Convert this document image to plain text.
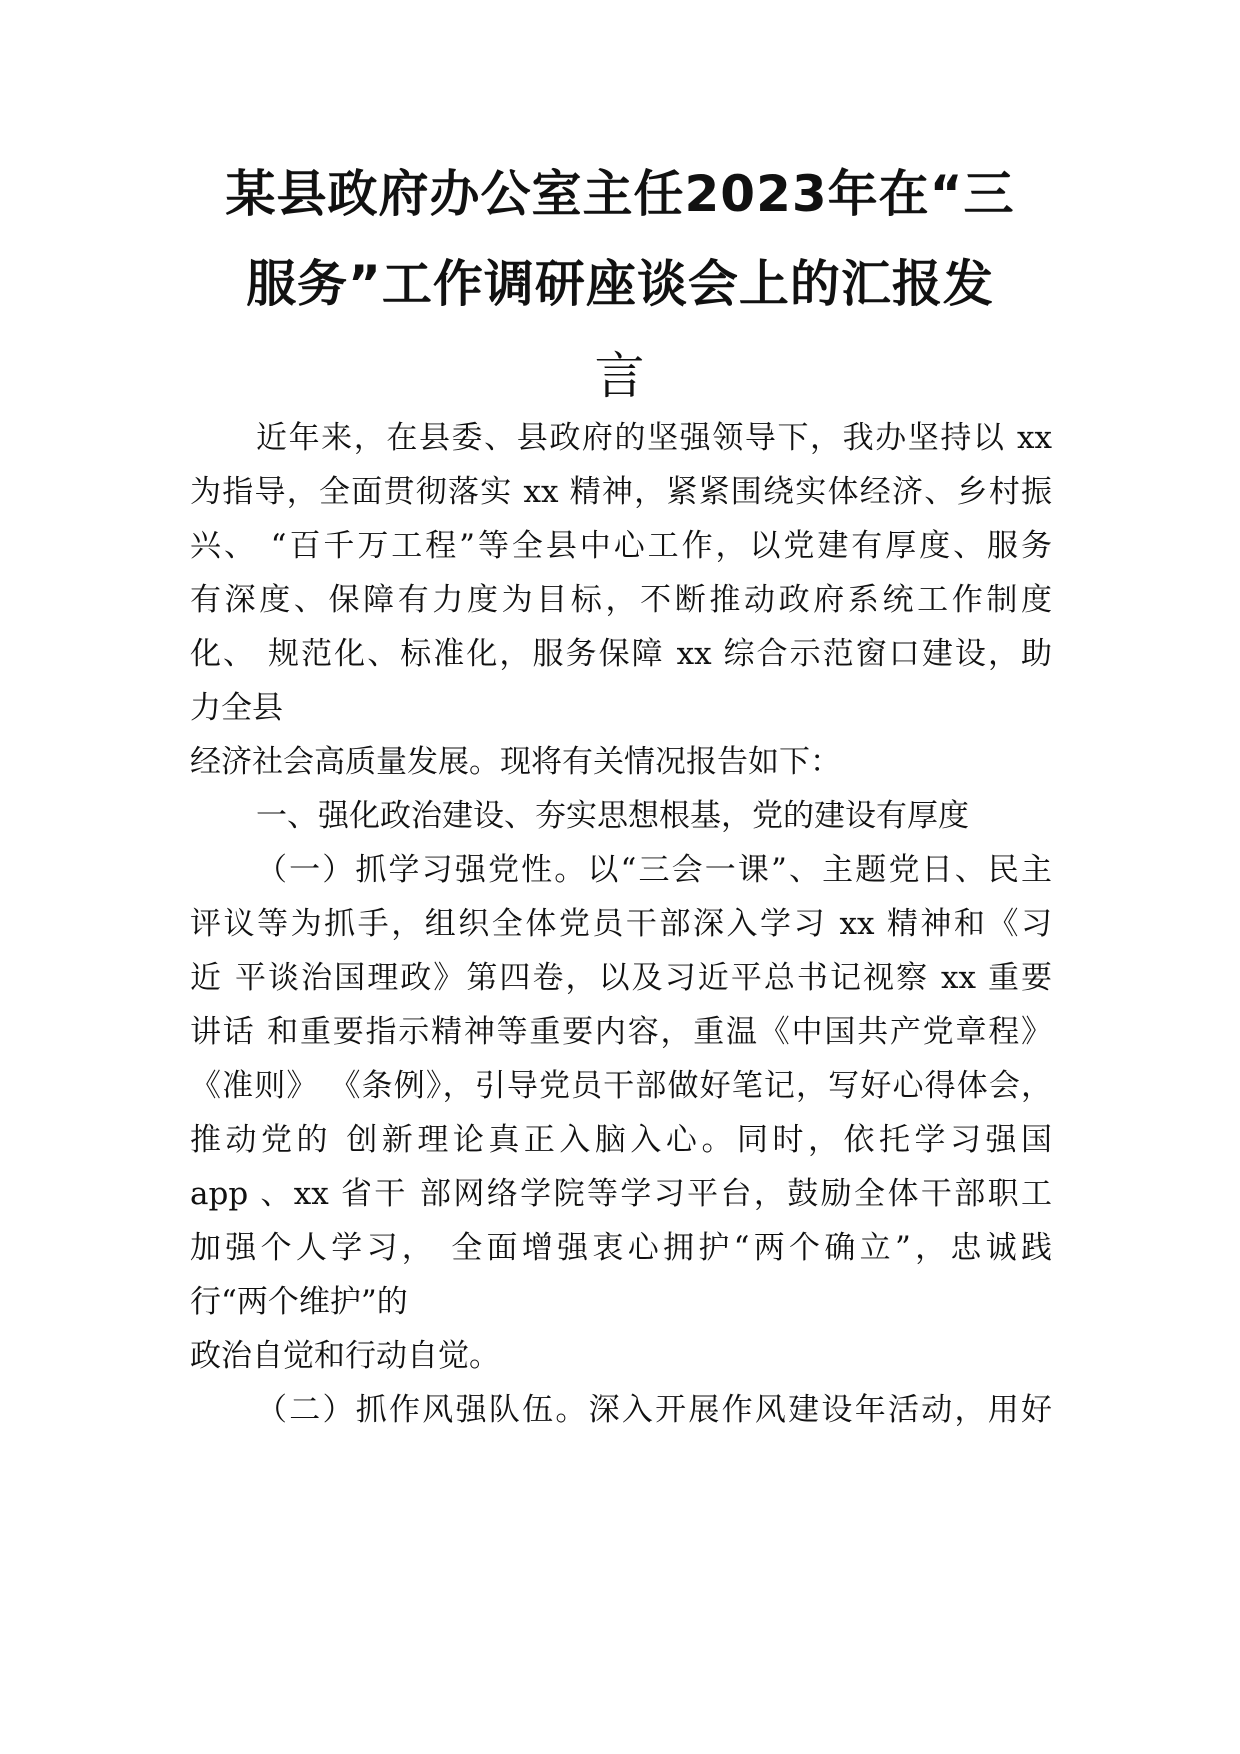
某县政府办公室主任2023年在“三
服务”工作调研座谈会上的汇报发
言
近年来，在县委、县政府的坚强领导下，我办坚持以 xx
为指导，全面贯彻落实 xx 精神，紧紧围绕实体经济、乡村振
兴、 “百千万工程”等全县中心工作，以党建有厚度、服务
有深度、保障有力度为目标，不断推动政府系统工作制度
化、 规范化、标准化，服务保障 xx 综合示范窗口建设，助
力全县
经济社会高质量发展。现将有关情况报告如下：
一、强化政治建设、夯实思想根基，党的建设有厚度
（一）抓学习强党性。以“三会一课”、主题党日、民主
评议等为抓手，组织全体党员干部深入学习 xx 精神和《习
近 平谈治国理政》第四卷，以及习近平总书记视察 xx 重要
讲话 和重要指示精神等重要内容，重温《中国共产党章程》
《准则》 《条例》，引导党员干部做好笔记，写好心得体会，
推动党的 创新理论真正入脑入心。同时，依托学习强国
app 、xx 省干 部网络学院等学习平台，鼓励全体干部职工
加强个人学习， 全面增强衷心拥护“两个确立”，忠诚践
行“两个维护”的
政治自觉和行动自觉。
（二）抓作风强队伍。深入开展作风建设年活动，用好
